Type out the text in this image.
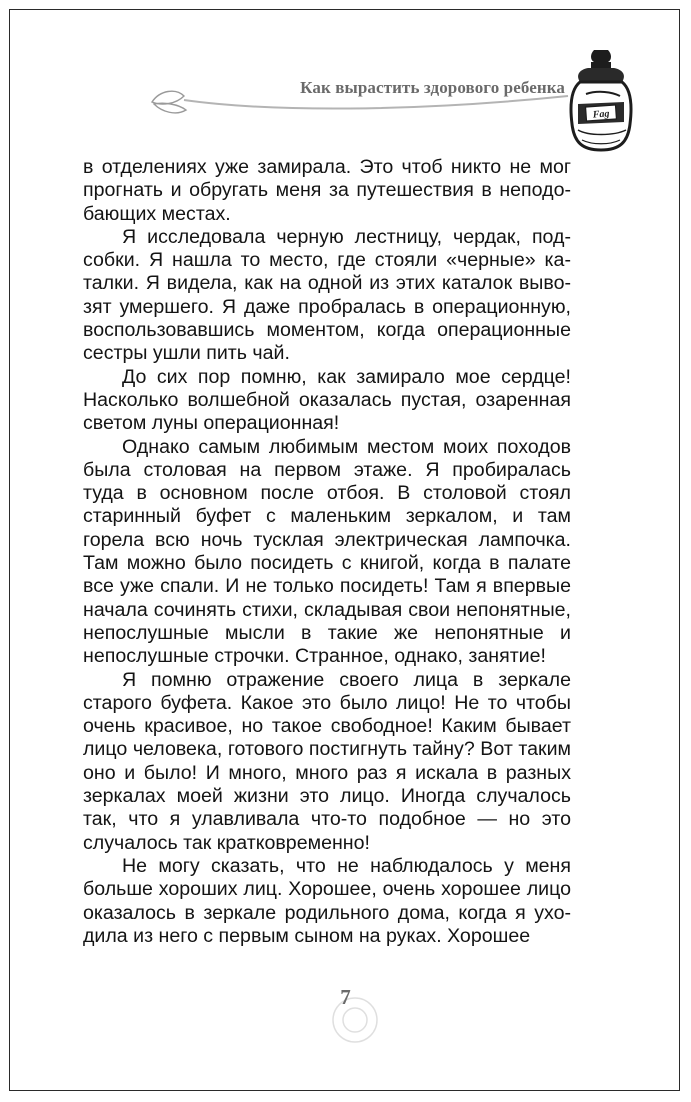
Как вырастить здорового ребенка
Fag

в отделениях уже замирала. Это чтоб никто не мог прогнать и обругать меня за путешествия в неподобающих местах.

Я исследовала черную лестницу, чердак, подсобки. Я нашла то место, где стояли «черные» каталки. Я видела, как на одной из этих каталок вывозят умершего. Я даже пробралась в операционную, воспользовавшись моментом, когда операционные сестры ушли пить чай.

До сих пор помню, как замирало мое сердце! Насколько волшебной оказалась пустая, озаренная светом луны операционная!

Однако самым любимым местом моих походов была столовая на первом этаже. Я пробиралась туда в основном после отбоя. В столовой стоял старинный буфет с маленьким зеркалом, и там горела всю ночь тусклая электрическая лампочка. Там можно было посидеть с книгой, когда в палате все уже спали. И не только посидеть! Там я впервые начала сочинять стихи, складывая свои непонятные, непослушные мысли в такие же непонятные и непослушные строчки. Странное, однако, занятие!

Я помню отражение своего лица в зеркале старого буфета. Какое это было лицо! Не то чтобы очень красивое, но такое свободное! Каким бывает лицо человека, готового постигнуть тайну? Вот таким оно и было! И много, много раз я искала в разных зеркалах моей жизни это лицо. Иногда случалось так, что я улавливала что-то подобное — но это случалось так кратковременно!

Не могу сказать, что не наблюдалось у меня больше хороших лиц. Хорошее, очень хорошее лицо оказалось в зеркале родильного дома, когда я уходила из него с первым сыном на руках. Хорошее

7
